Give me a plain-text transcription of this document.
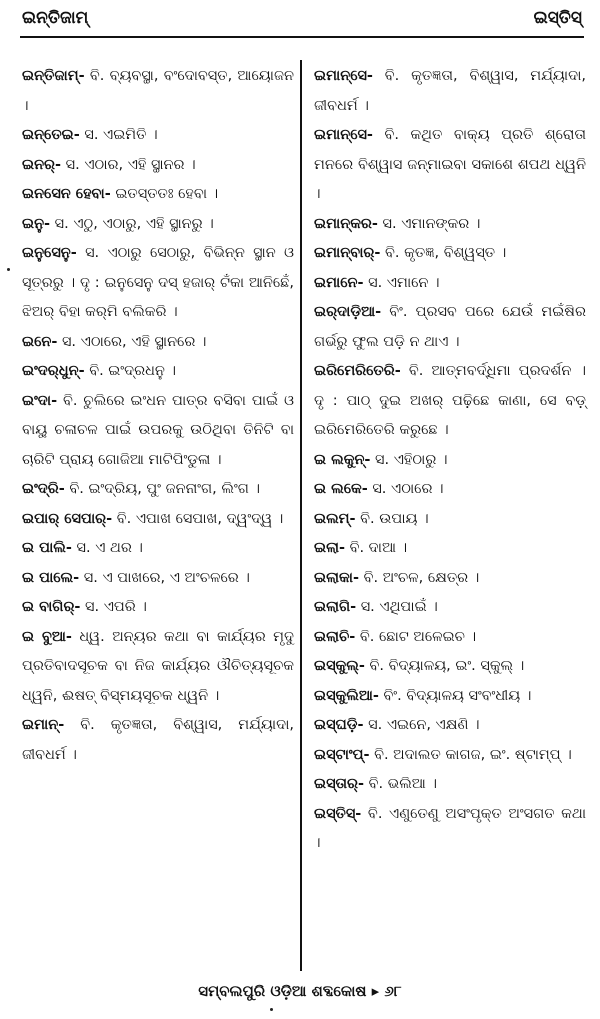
ଇନ୍‌ତିଜାମ୍	ଇସ୍ତିସ୍

ଇନ୍‌ତିଜାମ୍- ବି. ବ୍ୟବସ୍ଥା, ବଂଦୋବସ୍ତ, ଆୟୋଜନ ।

ଇନ୍‌ତେଇ- ସ. ଏଇମିତି ।

ଇନର୍- ସ. ଏଠାର, ଏହି ସ୍ଥାନର ।

ଇନସେନ ହେବା- ଇତସ୍ତତଃ ହେବା ।

ଇନୁ- ସ. ଏଠୁ, ଏଠାରୁ, ଏହି ସ୍ଥାନରୁ ।

ଇନୁସେନୁ- ସ. ଏଠାରୁ ସେଠାରୁ, ବିଭିନ୍ନ ସ୍ଥାନ ଓ ସୂତ୍ରରୁ । ଦୃ : ଇନୁସେନୁ ଦସ୍ ହଜାର୍ ଟଁକା ଆନିଛେଁ, ଝିଅର୍ ବିହା କର୍‌ମି ବଲିକରି ।

ଇନେ- ସ. ଏଠାରେ, ଏହି ସ୍ଥାନରେ ।

ଇଂଦର୍‌ଧୁନ୍- ବି. ଇଂଦ୍ରଧନୁ ।

ଇଂଦା- ବି. ଚୁଲିରେ ଇଂଧନ ପାତ୍ର ବସିବା ପାଇଁ ଓ ବାୟୁ ଚଳାଚଳ ପାଇଁ ଉପରକୁ ଉଠିଥିବା ତିନିଟି ବା ଚାରିଟି ପ୍ରାୟ ଗୋଜିଆ ମାଟିପିଂଡୁଳା ।

ଇଂଦ୍ରି- ବି. ଇଂଦ୍ରିୟ, ପୁଂ ଜନନାଂଗ, ଲିଂଗ ।

ଇପାର୍ ସେପାର୍- ବି. ଏପାଖ ସେପାଖ, ଦ୍ୱଂଦ୍ୱ ।

ଇ ପାଲି- ସ. ଏ ଥର ।

ଇ ପାଲେ- ସ. ଏ ପାଖରେ, ଏ ଅଂଚଳରେ ।

ଇ ବାଗିର୍- ସ. ଏପରି ।

ଇ ବୁଆ- ଧ୍ୱ. ଅନ୍ୟର କଥା ବା କାର୍ଯ୍ୟର ମୃଦୁ ପ୍ରତିବାଦସୂଚକ ବା ନିଜ କାର୍ଯ୍ୟର ଔଚିତ୍ୟସୂଚକ ଧ୍ୱନି, ଈଷତ୍ ବିସ୍ମୟସୂଚକ ଧ୍ୱନି ।

ଇମାନ୍- ବି. କୃତଜ୍ଞତା, ବିଶ୍ୱାସ, ମର୍ଯ୍ୟାଦା, ଜୀବଧର୍ମ ।

ଇମାନ୍‌ସେ- ବି. କୃତଜ୍ଞତା, ବିଶ୍ୱାସ, ମର୍ଯ୍ୟାଦା, ଜୀବଧର୍ମ ।

ଇମାନ୍‌ସେ- ବି. କଥିତ ବାକ୍ୟ ପ୍ରତି ଶ୍ରୋତା ମନରେ ବିଶ୍ୱାସ ଜନ୍ମାଇବା ସକାଶେ ଶପଥ ଧ୍ୱନି ।

ଇମାନ୍‌କର- ସ. ଏମାନଙ୍କର ।

ଇମାନ୍‌ବାର୍- ବି. କୃତଜ୍ଞ, ବିଶ୍ୱସ୍ତ ।

ଇମାନେ- ସ. ଏମାନେ ।

ଇର୍‌ଦାଡ଼ିଆ- ବିଂ. ପ୍ରସବ ପରେ ଯେଉଁ ମଇଁଷିର ଗର୍ଭରୁ ଫୁଲ ପଡ଼ି ନ ଥାଏ ।

ଇରିମେରିତେରି- ବି. ଆତ୍ମବର୍ଦ୍ଧିମା ପ୍ରଦର୍ଶନ । ଦୃ : ପାଠ୍ ଦୁଇ ଅଖର୍ ପଢ଼ିଛେ କାଣା, ସେ ବଡ଼୍ ଇରିମେରିତେରି କରୁଛେ ।

ଇ ଲକୁନ୍- ସ. ଏହିଠାରୁ ।

ଇ ଲକେ- ସ. ଏଠାରେ ।

ଇଲମ୍- ବି. ଉପାୟ ।

ଇଲା- ବି. ଦାଆ ।

ଇଲାକା- ବି. ଅଂଚଳ, କ୍ଷେତ୍ର ।

ଇଲାଗି- ସ. ଏଥିପାଇଁ ।

ଇଲାଚି- ବି. ଛୋଟ ଅଳେଇଚ ।

ଇସ୍‌କୁଲ୍- ବି. ବିଦ୍ୟାଳୟ, ଇଂ. ସ୍କୁଲ୍ ।

ଇସ୍‌କୁଲିଆ- ବିଂ. ବିଦ୍ୟାଳୟ ସଂବଂଧୀୟ ।

ଇସ୍‌ଘଡ଼ି- ସ. ଏଇନେ, ଏକ୍ଷଣି ।

ଇସ୍‌ଟାଂପ୍- ବି. ଅଦାଲତ କାଗଜ, ଇଂ. ଷ୍ଟାମ୍ପ୍ ।

ଇସ୍‌ତାର୍- ବି. ଭଲିଆ ।

ଇସ୍ତିସ୍- ବି. ଏଣୁତେଣୁ ଅସଂପୃକ୍ତ ଅଂସଗତ କଥା ।

ସମ୍ବଲପୁରି ଓଡ଼ିଆ ଶବ୍ଦକୋଷ ▸ ୬୮
